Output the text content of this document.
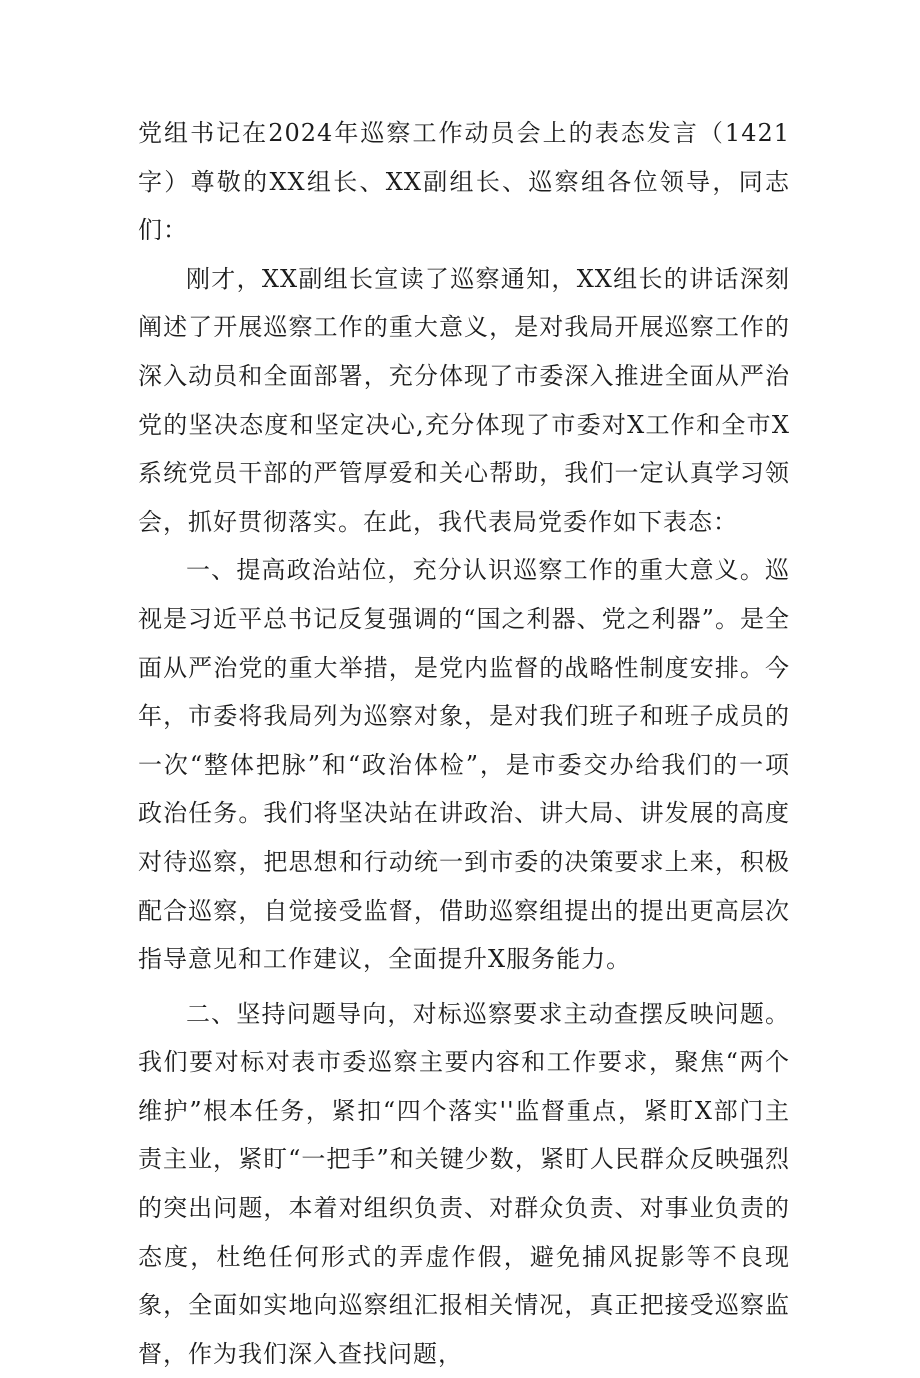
党组书记在2024年巡察工作动员会上的表态发言（1421字）尊敬的XX组长、XX副组长、巡察组各位领导，同志们：

刚才，XX副组长宣读了巡察通知，XX组长的讲话深刻阐述了开展巡察工作的重大意义，是对我局开展巡察工作的深入动员和全面部署，充分体现了市委深入推进全面从严治党的坚决态度和坚定决心,充分体现了市委对X工作和全市X系统党员干部的严管厚爱和关心帮助，我们一定认真学习领会，抓好贯彻落实。在此，我代表局党委作如下表态：

一、提高政治站位，充分认识巡察工作的重大意义。巡视是习近平总书记反复强调的“国之利器、党之利器”。是全面从严治党的重大举措，是党内监督的战略性制度安排。今年，市委将我局列为巡察对象，是对我们班子和班子成员的一次“整体把脉”和“政治体检”，是市委交办给我们的一项政治任务。我们将坚决站在讲政治、讲大局、讲发展的高度对待巡察，把思想和行动统一到市委的决策要求上来，积极配合巡察，自觉接受监督，借助巡察组提出的提出更高层次指导意见和工作建议，全面提升X服务能力。

二、坚持问题导向，对标巡察要求主动查摆反映问题。我们要对标对表市委巡察主要内容和工作要求，聚焦“两个维护”根本任务，紧扣“四个落实''监督重点，紧盯X部门主责主业，紧盯“一把手”和关键少数，紧盯人民群众反映强烈的突出问题，本着对组织负责、对群众负责、对事业负责的态度，杜绝任何形式的弄虚作假，避免捕风捉影等不良现象，全面如实地向巡察组汇报相关情况，真正把接受巡察监督，作为我们深入查找问题，
